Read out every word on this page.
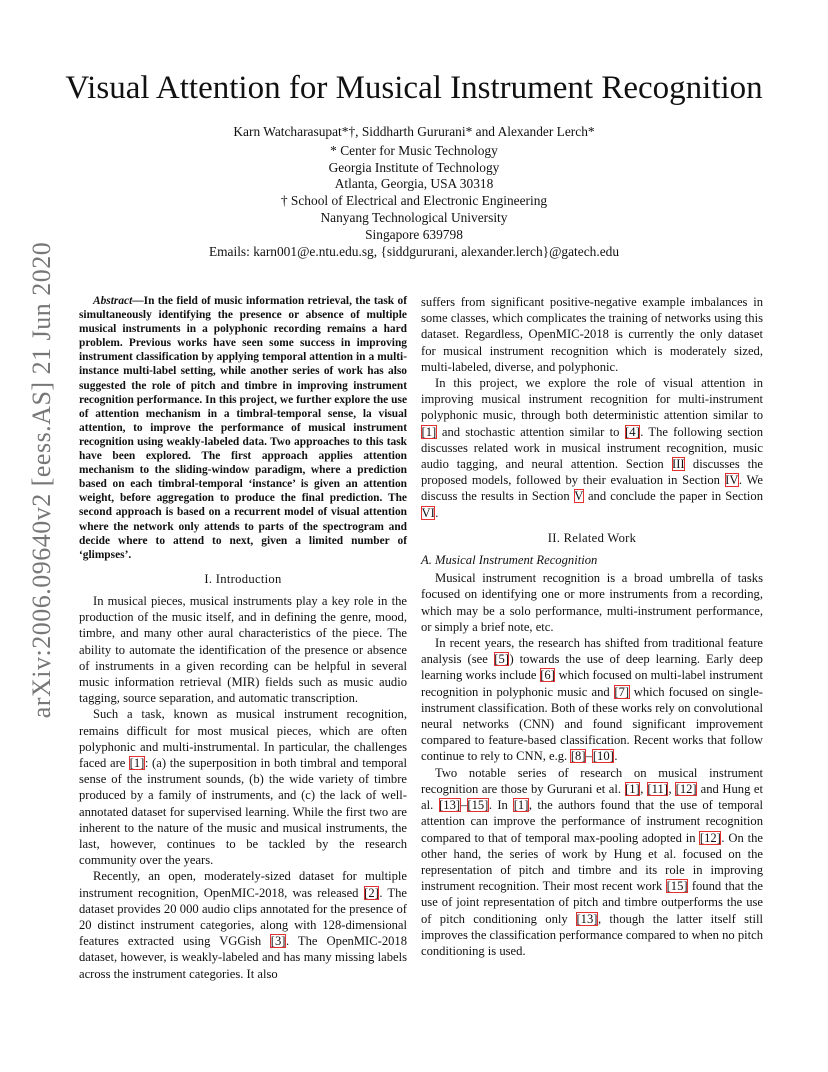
Visual Attention for Musical Instrument Recognition
Karn Watcharasupat*†, Siddharth Gururani* and Alexander Lerch*
* Center for Music Technology
Georgia Institute of Technology
Atlanta, Georgia, USA 30318
† School of Electrical and Electronic Engineering
Nanyang Technological University
Singapore 639798
Emails: karn001@e.ntu.edu.sg, {siddgururani, alexander.lerch}@gatech.edu
arXiv:2006.09640v2 [eess.AS] 21 Jun 2020	Abstract—In the field of music information retrieval, the task of simultaneously identifying the presence or absence of multiple musical instruments in a polyphonic recording remains a hard problem. Previous works have seen some success in improving instrument classification by applying temporal attention in a multi-instance multi-label setting, while another series of work has also suggested the role of pitch and timbre in improving instrument recognition performance. In this project, we further explore the use of attention mechanism in a timbral-temporal sense, la visual attention, to improve the performance of musical instrument recognition using weakly-labeled data. Two approaches to this task have been explored. The first approach applies attention mechanism to the sliding-window paradigm, where a prediction based on each timbral-temporal ‘instance’ is given an attention weight, before aggregation to produce the final prediction. The second approach is based on a recurrent model of visual attention where the network only attends to parts of the spectrogram and decide where to attend to next, given a limited number of ‘glimpses’.

I. Introduction

In musical pieces, musical instruments play a key role in the production of the music itself, and in defining the genre, mood, timbre, and many other aural characteristics of the piece. The ability to automate the identification of the presence or absence of instruments in a given recording can be helpful in several music information retrieval (MIR) fields such as music audio tagging, source separation, and automatic transcription.

Such a task, known as musical instrument recognition, remains difficult for most musical pieces, which are often polyphonic and multi-instrumental. In particular, the challenges faced are [1]: (a) the superposition in both timbral and temporal sense of the instrument sounds, (b) the wide variety of timbre produced by a family of instruments, and (c) the lack of well-annotated dataset for supervised learning. While the first two are inherent to the nature of the music and musical instruments, the last, however, continues to be tackled by the research community over the years.

Recently, an open, moderately-sized dataset for multiple instrument recognition, OpenMIC-2018, was released [2]. The dataset provides 20 000 audio clips annotated for the presence of 20 distinct instrument categories, along with 128-dimensional features extracted using VGGish [3]. The OpenMIC-2018 dataset, however, is weakly-labeled and has many missing labels across the instrument categories. It also

suffers from significant positive-negative example imbalances in some classes, which complicates the training of networks using this dataset. Regardless, OpenMIC-2018 is currently the only dataset for musical instrument recognition which is moderately sized, multi-labeled, diverse, and polyphonic.

In this project, we explore the role of visual attention in improving musical instrument recognition for multi-instrument polyphonic music, through both deterministic attention similar to [1] and stochastic attention similar to [4]. The following section discusses related work in musical instrument recognition, music audio tagging, and neural attention. Section III discusses the proposed models, followed by their evaluation in Section IV. We discuss the results in Section V and conclude the paper in Section VI.

II. Related Work
A. Musical Instrument Recognition

Musical instrument recognition is a broad umbrella of tasks focused on identifying one or more instruments from a recording, which may be a solo performance, multi-instrument performance, or simply a brief note, etc.

In recent years, the research has shifted from traditional feature analysis (see [5]) towards the use of deep learning. Early deep learning works include [6] which focused on multi-label instrument recognition in polyphonic music and [7] which focused on single-instrument classification. Both of these works rely on convolutional neural networks (CNN) and found significant improvement compared to feature-based classification. Recent works that follow continue to rely to CNN, e.g. [8]–[10].

Two notable series of research on musical instrument recognition are those by Gururani et al. [1], [11], [12] and Hung et al. [13]–[15]. In [1], the authors found that the use of temporal attention can improve the performance of instrument recognition compared to that of temporal max-pooling adopted in [12]. On the other hand, the series of work by Hung et al. focused on the representation of pitch and timbre and its role in improving instrument recognition. Their most recent work [15] found that the use of joint representation of pitch and timbre outperforms the use of pitch conditioning only [13], though the latter itself still improves the classification performance compared to when no pitch conditioning is used.
